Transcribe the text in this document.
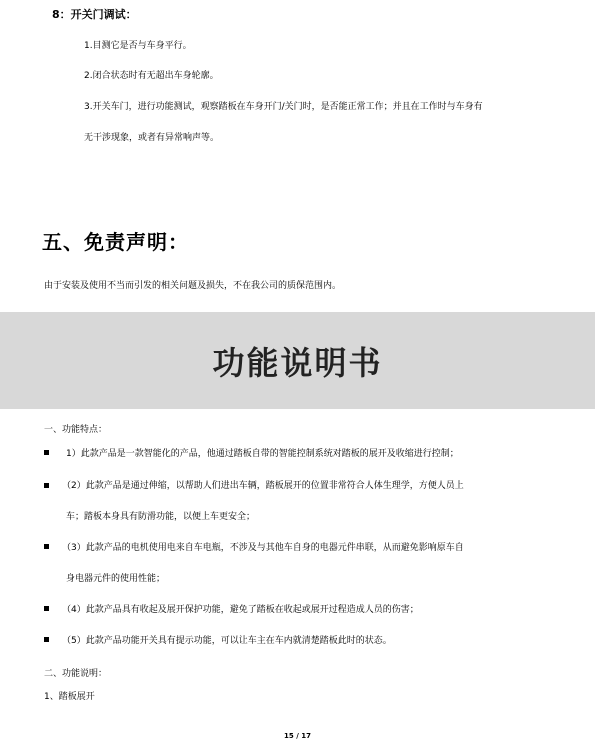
8：开关门调试：
1.目测它是否与车身平行。
2.闭合状态时有无超出车身轮廓。
3.开关车门，进行功能测试，观察踏板在车身开门/关门时，是否能正常工作；并且在工作时与车身有
无干涉现象，或者有异常响声等。
五、免责声明：
由于安装及使用不当而引发的相关问题及损失，不在我公司的质保范围内。
功能说明书
一、功能特点：
1）此款产品是一款智能化的产品，他通过踏板自带的智能控制系统对踏板的展开及收缩进行控制；
（2）此款产品是通过伸缩，以帮助人们进出车辆，踏板展开的位置非常符合人体生理学，方便人员上
车；踏板本身具有防滑功能，以便上车更安全；
（3）此款产品的电机使用电来自车电瓶，不涉及与其他车自身的电器元件串联，从而避免影响原车自
身电器元件的使用性能；
（4）此款产品具有收起及展开保护功能，避免了踏板在收起或展开过程造成人员的伤害；
（5）此款产品功能开关具有提示功能，可以让车主在车内就清楚踏板此时的状态。
二、功能说明：
1、踏板展开
15 / 17
